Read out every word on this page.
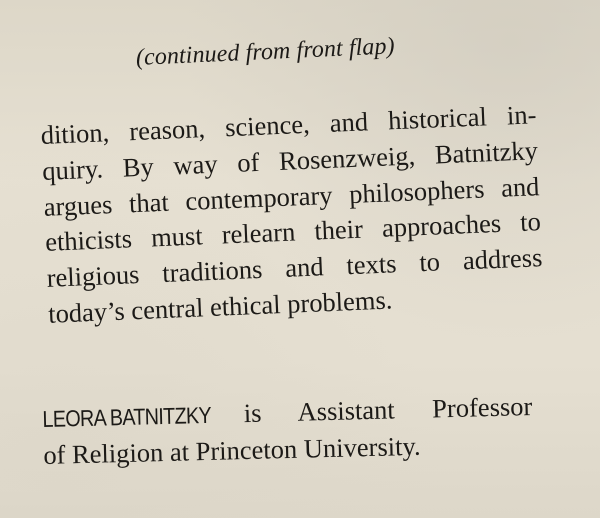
(continued from front flap)
dition, reason, science, and historical in-
quiry. By way of Rosenzweig, Batnitzky
argues that contemporary philosophers and
ethicists must relearn their approaches to
religious traditions and texts to address
today’s central ethical problems.
LEORA BATNITZKY is Assistant Professor
of Religion at Princeton University.
